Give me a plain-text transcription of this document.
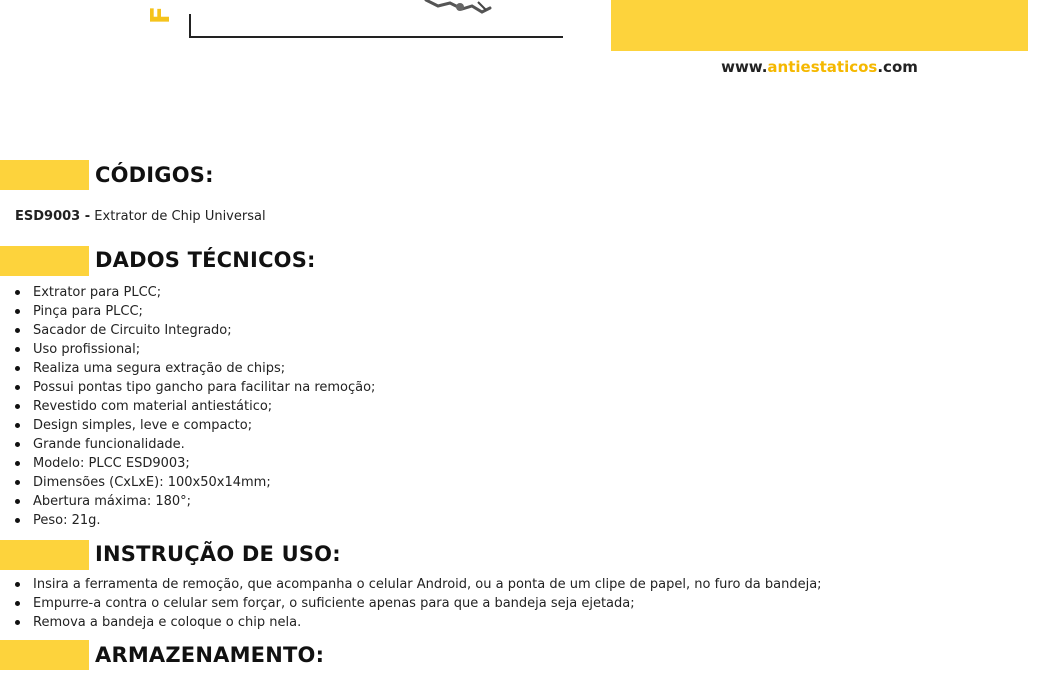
F
www.antiestaticos.com
CÓDIGOS:
ESD9003 - Extrator de Chip Universal
DADOS TÉCNICOS:
Extrator para PLCC;
Pinça para PLCC;
Sacador de Circuito Integrado;
Uso profissional;
Realiza uma segura extração de chips;
Possui pontas tipo gancho para facilitar na remoção;
Revestido com material antiestático;
Design simples, leve e compacto;
Grande funcionalidade.
Modelo: PLCC ESD9003;
Dimensões (CxLxE): 100x50x14mm;
Abertura máxima: 180°;
Peso: 21g.
INSTRUÇÃO DE USO:
Insira a ferramenta de remoção, que acompanha o celular Android, ou a ponta de um clipe de papel, no furo da bandeja;
Empurre-a contra o celular sem forçar, o suficiente apenas para que a bandeja seja ejetada;
Remova a bandeja e coloque o chip nela.
ARMAZENAMENTO:
